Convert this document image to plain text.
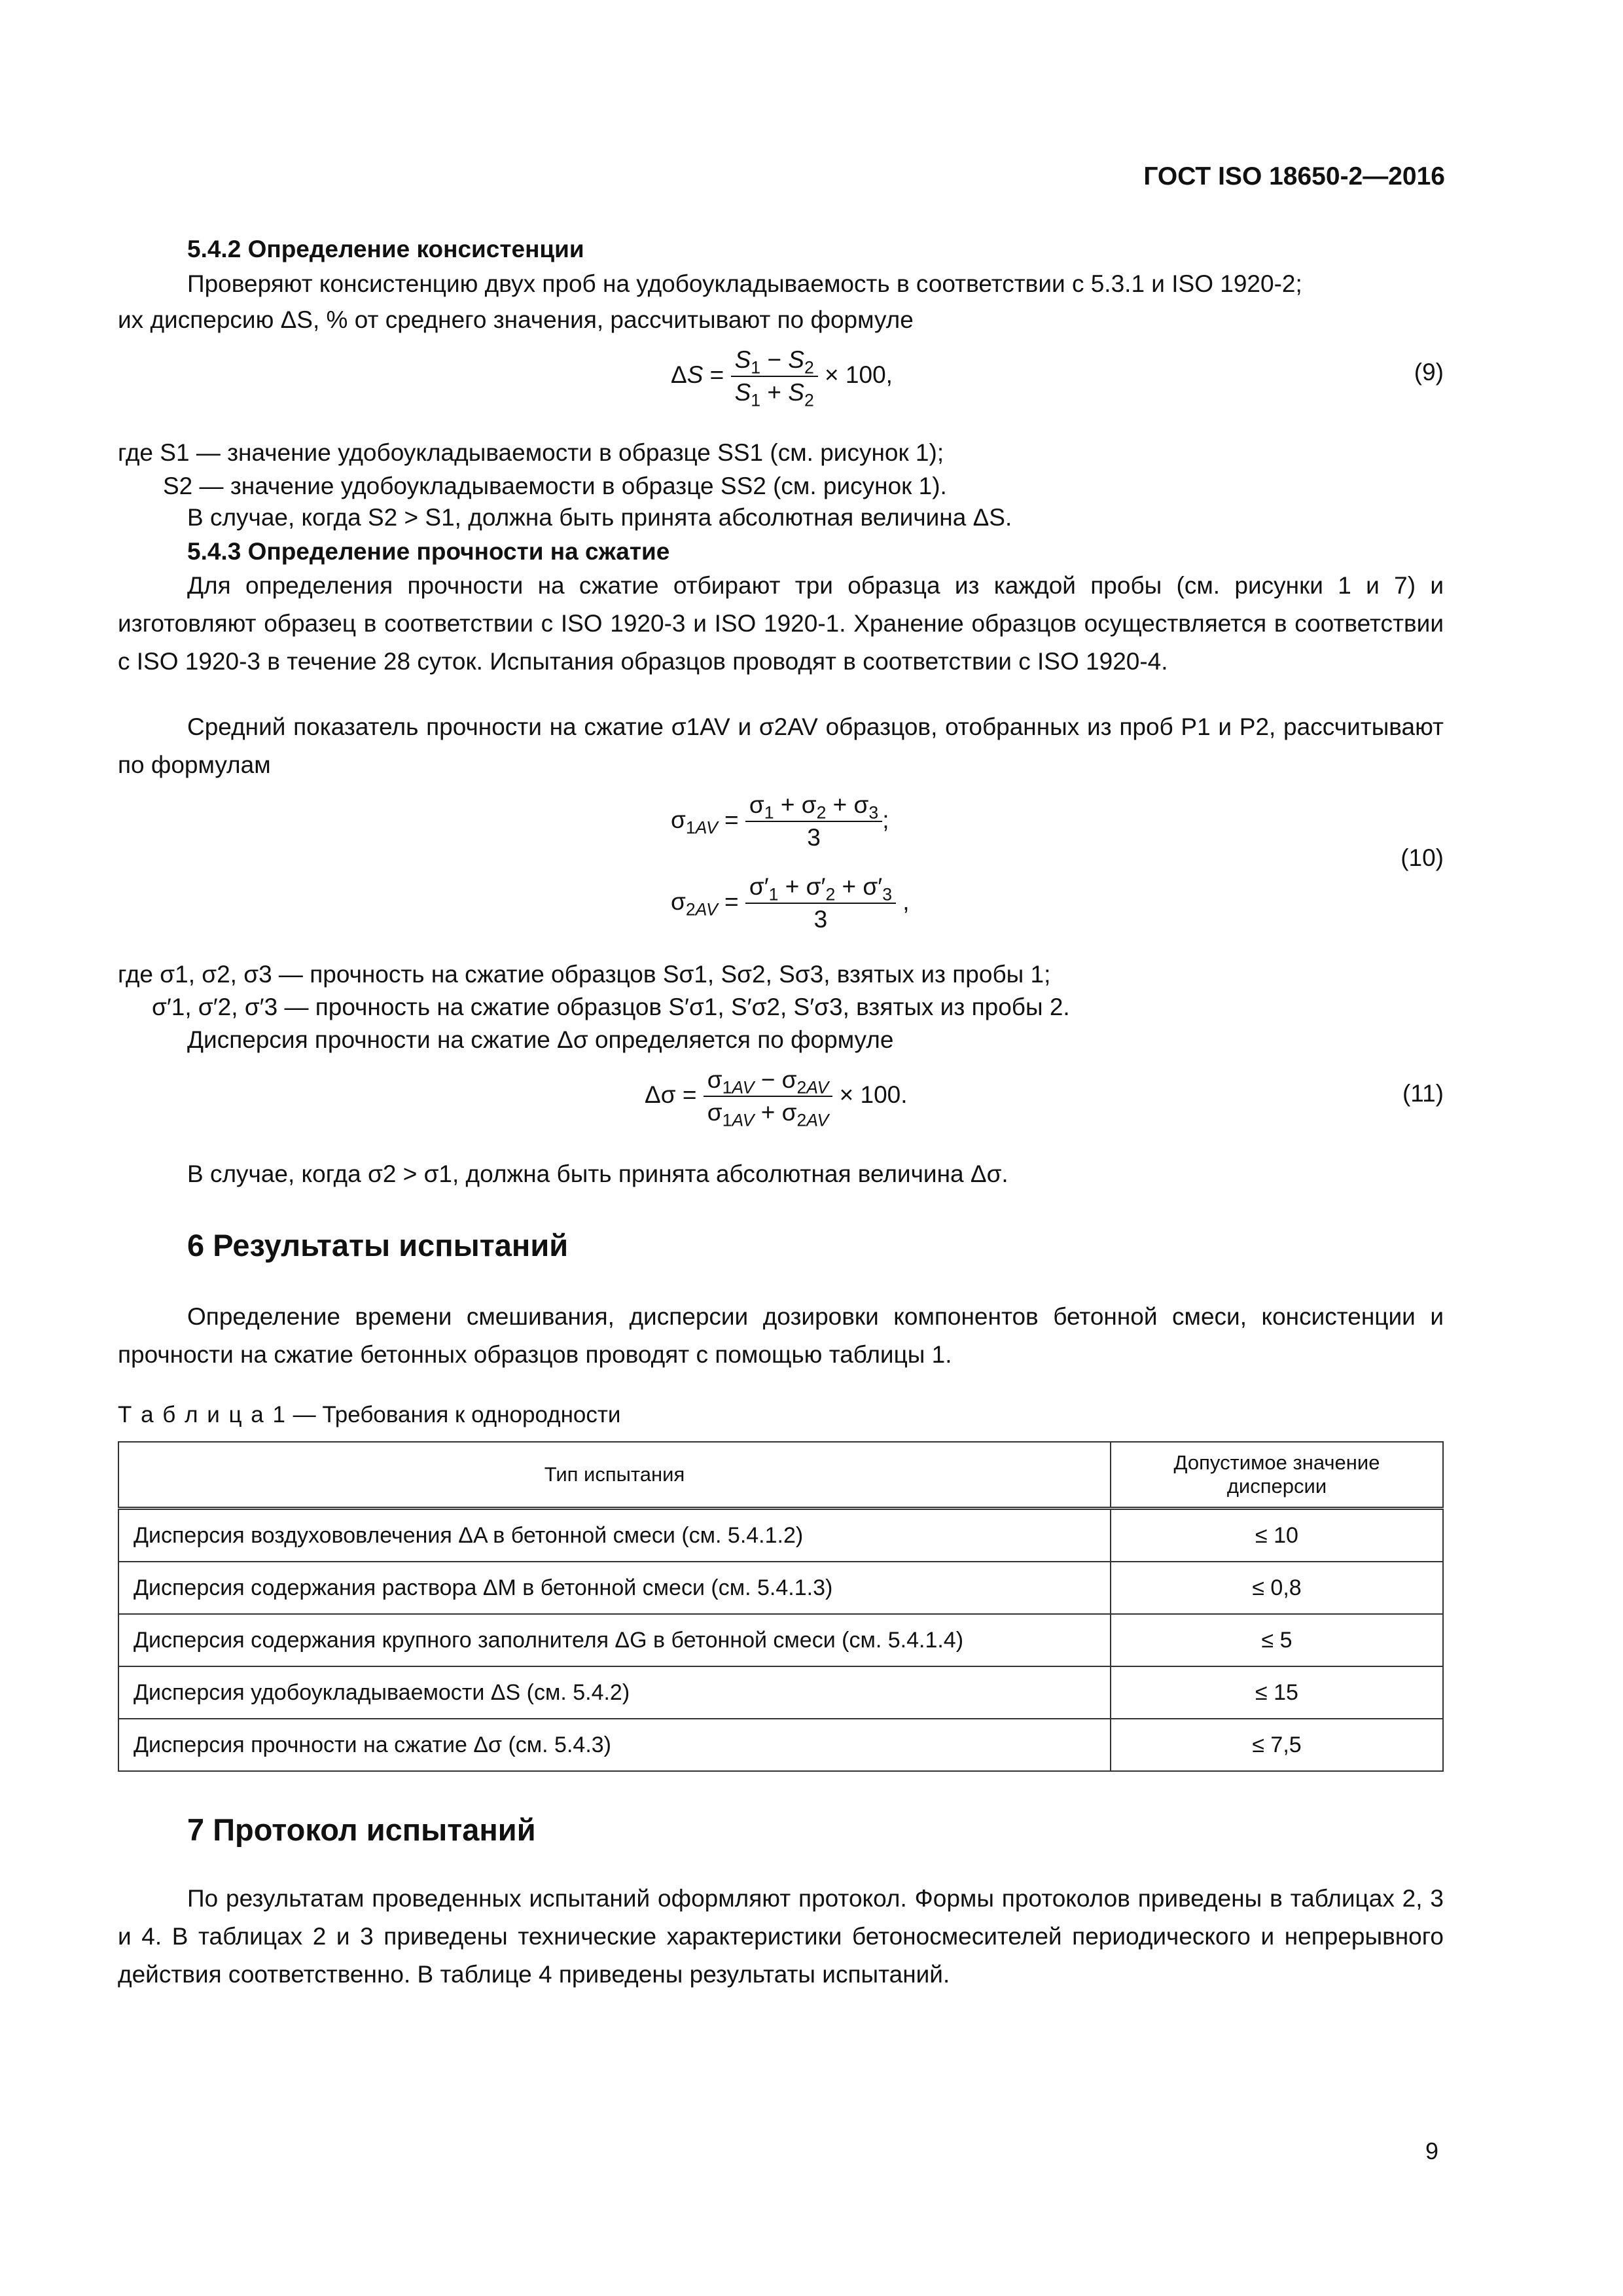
ГОСТ ISO 18650-2—2016
5.4.2 Определение консистенции
Проверяют консистенцию двух проб на удобоукладываемость в соответствии с 5.3.1 и ISO 1920-2;
их дисперсию ΔS, % от среднего значения, рассчитывают по формуле
$\Delta S = \frac{S_1 - S_2}{S_1 + S_2} \times 100$,	(9)
где S1 — значение удобоукладываемости в образце SS1 (см. рисунок 1);
S2 — значение удобоукладываемости в образце SS2 (см. рисунок 1).
В случае, когда S2 > S1, должна быть принята абсолютная величина ΔS.
5.4.3 Определение прочности на сжатие
Для определения прочности на сжатие отбирают три образца из каждой пробы (см. рисунки 1 и 7) и изготовляют образец в соответствии с ISO 1920-3 и ISO 1920-1. Хранение образцов осуществляется в соответствии с ISO 1920-3 в течение 28 суток. Испытания образцов проводят в соответствии с ISO 1920-4.
Средний показатель прочности на сжатие σ1AV и σ2AV образцов, отобранных из проб P1 и P2, рассчитывают по формулам
$\sigma_{1AV} = \frac{\sigma_1 + \sigma_2 + \sigma_3}{3}$ ;
$\sigma_{2AV} = \frac{\sigma'_1 + \sigma'_2 + \sigma'_3}{3}$ ,
(10)
где σ1, σ2, σ3 — прочность на сжатие образцов Sσ1, Sσ2, Sσ3, взятых из пробы 1;
σ′1, σ′2, σ′3 — прочность на сжатие образцов S′σ1, S′σ2, S′σ3, взятых из пробы 2.
Дисперсия прочности на сжатие Δσ определяется по формуле
$\Delta\sigma = \frac{\sigma_{1AV} - \sigma_{2AV}}{\sigma_{1AV} + \sigma_{2AV}} \times 100$.	(11)
В случае, когда σ2 > σ1, должна быть принята абсолютная величина Δσ.
6 Результаты испытаний
Определение времени смешивания, дисперсии дозировки компонентов бетонной смеси, консистенции и прочности на сжатие бетонных образцов проводят с помощью таблицы 1.
Т а б л и ц а 1 — Требования к однородности
Тип испытания	Допустимое значение дисперсии
Дисперсия воздухововлечения ΔA в бетонной смеси (см. 5.4.1.2)	≤ 10
Дисперсия содержания раствора ΔM в бетонной смеси (см. 5.4.1.3)	≤ 0,8
Дисперсия содержания крупного заполнителя ΔG в бетонной смеси (см. 5.4.1.4)	≤ 5
Дисперсия удобоукладываемости ΔS (см. 5.4.2)	≤ 15
Дисперсия прочности на сжатие Δσ (см. 5.4.3)	≤ 7,5
7 Протокол испытаний
По результатам проведенных испытаний оформляют протокол. Формы протоколов приведены в таблицах 2, 3 и 4. В таблицах 2 и 3 приведены технические характеристики бетоносмесителей периодического и непрерывного действия соответственно. В таблице 4 приведены результаты испытаний.
9
